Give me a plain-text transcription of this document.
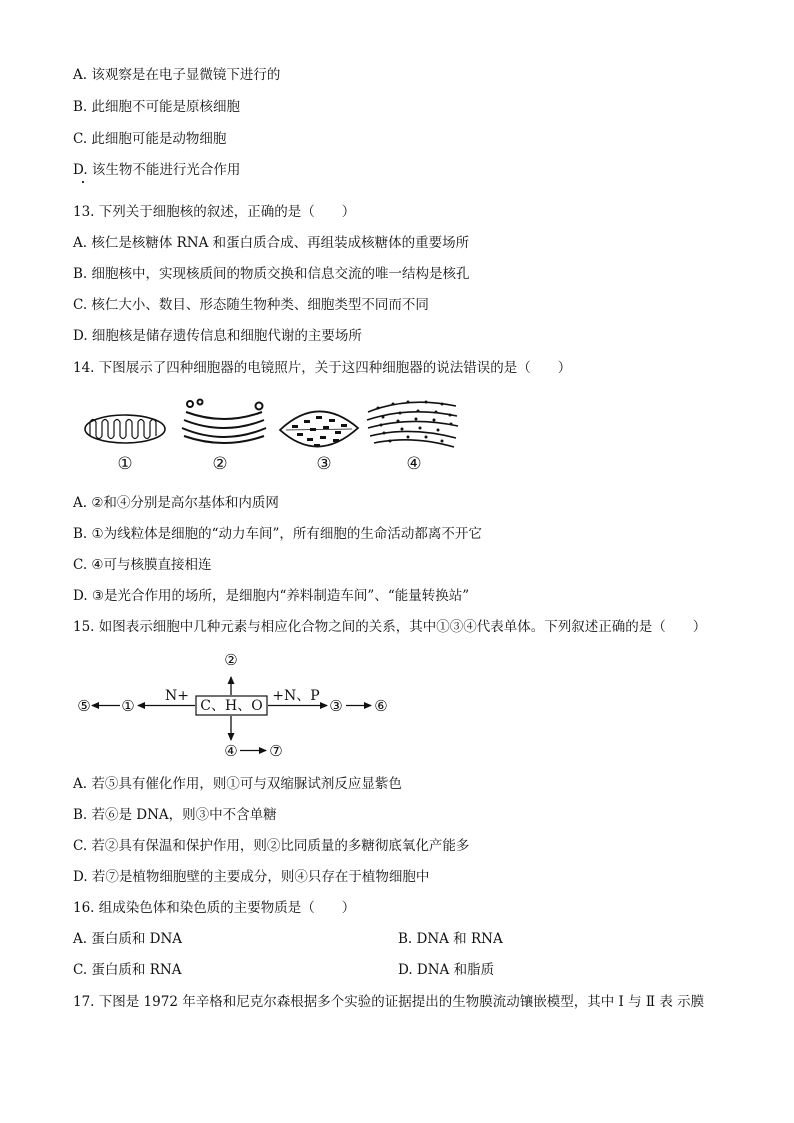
A. 该观察是在电子显微镜下进行的
B. 此细胞不可能是原核细胞
C. 此细胞可能是动物细胞
D. 该生物不能进行光合作用
13. 下列关于细胞核的叙述，正确的是（　　）
A. 核仁是核糖体 RNA 和蛋白质合成、再组装成核糖体的重要场所
B. 细胞核中，实现核质间的物质交换和信息交流的唯一结构是核孔
C. 核仁大小、数目、形态随生物种类、细胞类型不同而不同
D. 细胞核是储存遗传信息和细胞代谢的主要场所
14. 下图展示了四种细胞器的电镜照片，关于这四种细胞器的说法错误的是（　　）
①	②	③	④
A. ②和④分别是高尔基体和内质网
B. ①为线粒体是细胞的“动力车间”，所有细胞的生命活动都离不开它
C. ④可与核膜直接相连
D. ③是光合作用的场所，是细胞内“养料制造车间”、“能量转换站”
15. 如图表示细胞中几种元素与相应化合物之间的关系，其中①③④代表单体。下列叙述正确的是（　　）
C、H、O
N+	+N、P
①
②
③
④
⑤	⑥
⑦
A. 若⑤具有催化作用，则①可与双缩脲试剂反应显紫色
B. 若⑥是 DNA，则③中不含单糖
C. 若②具有保温和保护作用，则②比同质量的多糖彻底氧化产能多
D. 若⑦是植物细胞壁的主要成分，则④只存在于植物细胞中
16. 组成染色体和染色质的主要物质是（　　）
A. 蛋白质和 DNA	B. DNA 和 RNA
C. 蛋白质和 RNA	D. DNA 和脂质
17. 下图是 1972 年辛格和尼克尔森根据多个实验的证据提出的生物膜流动镶嵌模型，其中 I 与 Ⅱ 表 示膜
